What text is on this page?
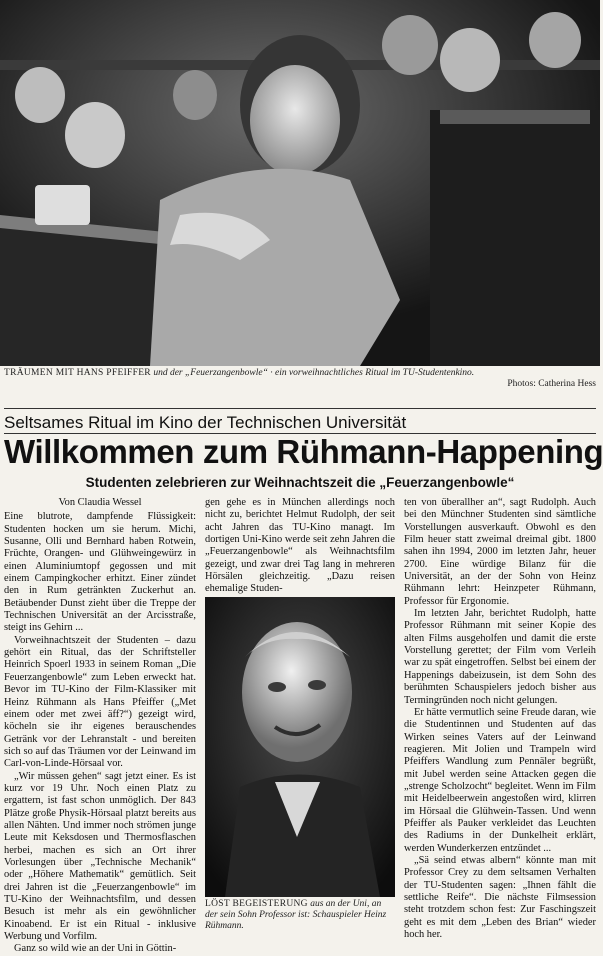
TRÄUMEN MIT HANS PFEIFFER und der „Feuerzangenbowle“ · ein vorweihnachtliches Ritual im TU-Studentenkino.
Photos: Catherina Hess
Seltsames Ritual im Kino der Technischen Universität
Willkommen zum Rühmann-Happening
Studenten zelebrieren zur Weihnachtszeit die „Feuerzangenbowle“
Von Claudia Wessel

Eine blutrote, dampfende Flüssigkeit: Studenten hocken um sie herum. Michi, Susanne, Olli und Bernhard haben Rotwein, Früchte, Orangen- und Glühweingewürz in einen Aluminiumtopf gegossen und mit einem Campingkocher erhitzt. Einer zündet den in Rum getränkten Zuckerhut an. Betäubender Dunst zieht über die Treppe der Technischen Universität an der Arcisstraße, steigt ins Gehirn ...

Vorweihnachtszeit der Studenten – dazu gehört ein Ritual, das der Schriftsteller Heinrich Spoerl 1933 in seinem Roman „Die Feuerzangenbowle“ zum Leben erweckt hat. Bevor im TU-Kino der Film-Klassiker mit Heinz Rühmann als Hans Pfeiffer („Met einem oder met zwei äff?“) gezeigt wird, köcheln sie ihr eigenes berauschendes Getränk vor der Lehranstalt - und bereiten sich so auf das Träumen vor der Leinwand im Carl-von-Linde-Hörsaal vor.

„Wir müssen gehen“ sagt jetzt einer. Es ist kurz vor 19 Uhr. Noch einen Platz zu ergattern, ist fast schon unmöglich. Der 843 Plätze große Physik-Hörsaal platzt bereits aus allen Nähten. Und immer noch strömen junge Leute mit Keksdosen und Thermosflaschen herbei, machen es sich an Ort ihrer Vorlesungen über „Technische Mechanik“ oder „Höhere Mathematik“ gemütlich. Seit drei Jahren ist die „Feuerzangenbowle“ im TU-Kino der Weihnachtsfilm, und dessen Besuch ist mehr als ein gewöhnlicher Kinoabend. Er ist ein Ritual - inklusive Werbung und Vorfilm.

Ganz so wild wie an der Uni in Göttin-

gen gehe es in München allerdings noch nicht zu, berichtet Helmut Rudolph, der seit acht Jahren das TU-Kino managt. Im dortigen Uni-Kino werde seit zehn Jahren die „Feuerzangenbowle“ als Weihnachtsfilm gezeigt, und zwar drei Tag lang in mehreren Hörsälen gleichzeitig. „Dazu reisen ehemalige Studen-

LÖST BEGEISTERUNG aus an der Uni, an der sein Sohn Professor ist: Schauspieler Heinz Rühmann.

ten von überallher an“, sagt Rudolph. Auch bei den Münchner Studenten sind sämtliche Vorstellungen ausverkauft. Obwohl es den Film heuer statt zweimal dreimal gibt. 1800 sahen ihn 1994, 2000 im letzten Jahr, heuer 2700. Eine würdige Bilanz für die Universität, an der der Sohn von Heinz Rühmann lehrt: Heinzpeter Rühmann, Professor für Ergonomie.

Im letzten Jahr, berichtet Rudolph, hatte Professor Rühmann mit seiner Kopie des alten Films ausgeholfen und damit die erste Vorstellung gerettet; der Film vom Verleih war zu spät eingetroffen. Selbst bei einem der Happenings dabeizusein, ist dem Sohn des berühmten Schauspielers jedoch bisher aus Termingründen noch nicht gelungen.

Er hätte vermutlich seine Freude daran, wie die Studentinnen und Studenten auf das Wirken seines Vaters auf der Leinwand reagieren. Mit Jolien und Trampeln wird Pfeiffers Wandlung zum Pennäler begrüßt, mit Jubel werden seine Attacken gegen die „strenge Scholzocht“ begleitet. Wenn im Film mit Heidelbeerwein angestoßen wird, klirren im Hörsaal die Glühwein-Tassen. Und wenn Pfeiffer als Pauker verkleidet das Leuchten des Radiums in der Dunkelheit erklärt, werden Wunderkerzen entzündet ...

„Sä seind etwas albern“ könnte man mit Professor Crey zu dem seltsamen Verhalten der TU-Studenten sagen: „Ihnen fählt die settliche Reife“. Die nächste Filmsession steht trotzdem schon fest: Zur Faschingszeit geht es mit dem „Leben des Brian“ wieder hoch her.
